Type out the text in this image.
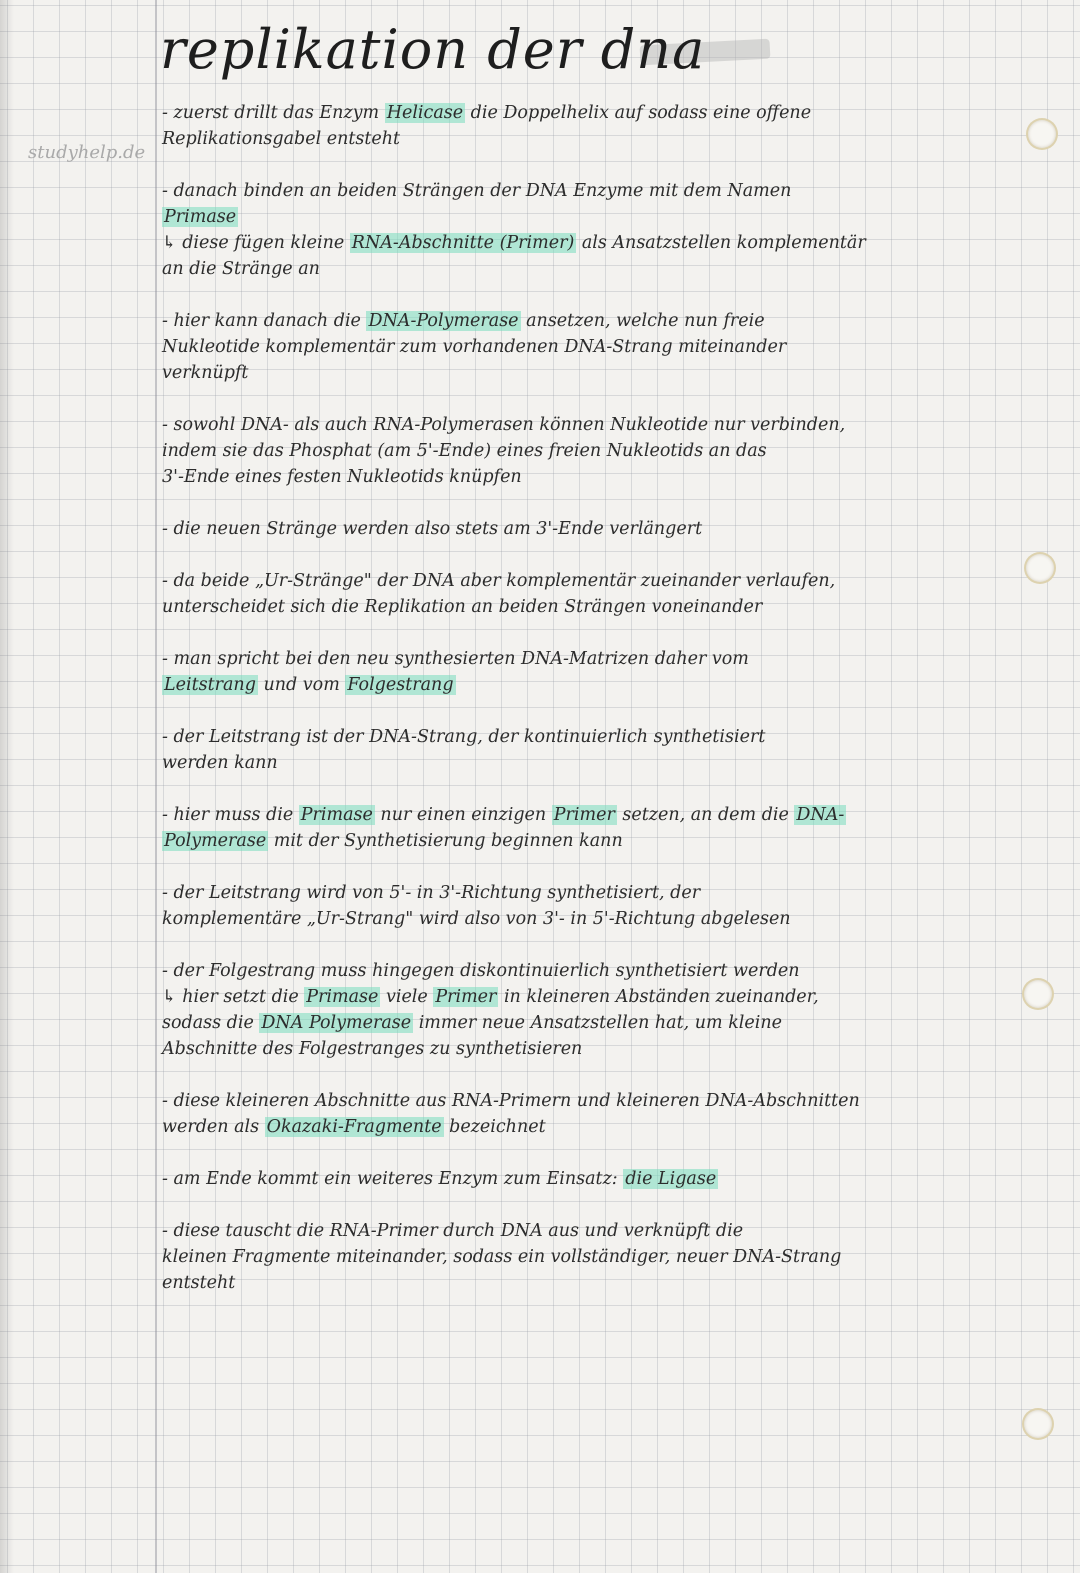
replikation der dna
studyhelp.de
- zuerst drillt das Enzym Helicase die Doppelhelix auf sodass eine offene
Replikationsgabel entsteht
- danach binden an beiden Strängen der DNA Enzyme mit dem Namen
Primase
↳ diese fügen kleine RNA-Abschnitte (Primer) als Ansatzstellen komplementär
an die Stränge an
- hier kann danach die DNA-Polymerase ansetzen, welche nun freie
Nukleotide komplementär zum vorhandenen DNA-Strang miteinander
verknüpft
- sowohl DNA- als auch RNA-Polymerasen können Nukleotide nur verbinden,
indem sie das Phosphat (am 5'-Ende) eines freien Nukleotids an das
3'-Ende eines festen Nukleotids knüpfen
- die neuen Stränge werden also stets am 3'-Ende verlängert
- da beide „Ur-Stränge" der DNA aber komplementär zueinander verlaufen,
unterscheidet sich die Replikation an beiden Strängen voneinander
- man spricht bei den neu synthesierten DNA-Matrizen daher vom
Leitstrang und vom Folgestrang
- der Leitstrang ist der DNA-Strang, der kontinuierlich synthetisiert
werden kann
- hier muss die Primase nur einen einzigen Primer setzen, an dem die DNA-
Polymerase mit der Synthetisierung beginnen kann
- der Leitstrang wird von 5'- in 3'-Richtung synthetisiert, der
komplementäre „Ur-Strang" wird also von 3'- in 5'-Richtung abgelesen
- der Folgestrang muss hingegen diskontinuierlich synthetisiert werden
↳ hier setzt die Primase viele Primer in kleineren Abständen zueinander,
sodass die DNA Polymerase immer neue Ansatzstellen hat, um kleine
Abschnitte des Folgestranges zu synthetisieren
- diese kleineren Abschnitte aus RNA-Primern und kleineren DNA-Abschnitten
werden als Okazaki-Fragmente bezeichnet
- am Ende kommt ein weiteres Enzym zum Einsatz: die Ligase
- diese tauscht die RNA-Primer durch DNA aus und verknüpft die
kleinen Fragmente miteinander, sodass ein vollständiger, neuer DNA-Strang
entsteht
